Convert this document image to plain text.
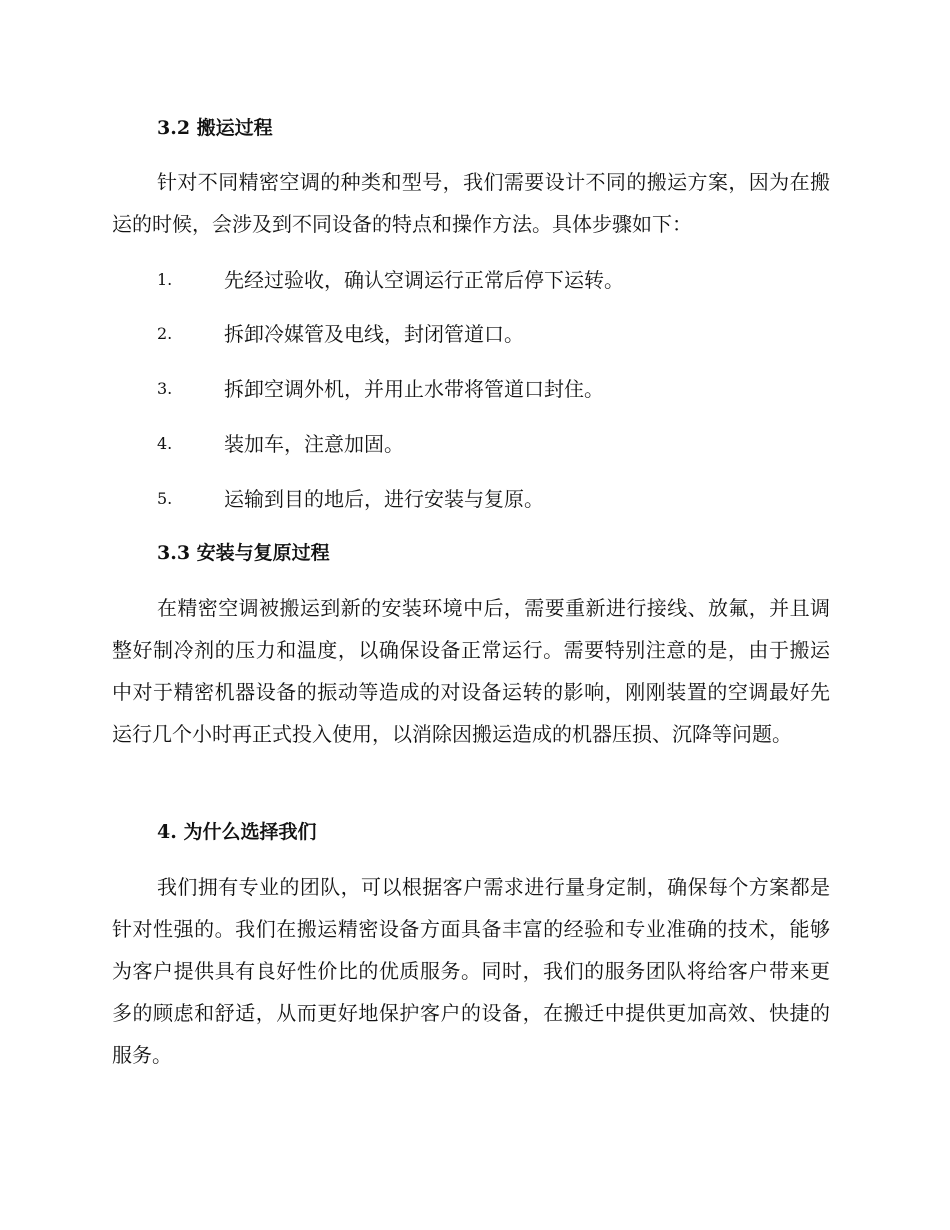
3.2 搬运过程

针对不同精密空调的种类和型号，我们需要设计不同的搬运方案，因为在搬运的时候，会涉及到不同设备的特点和操作方法。具体步骤如下：

1.	先经过验收，确认空调运行正常后停下运转。
2.	拆卸冷媒管及电线，封闭管道口。
3.	拆卸空调外机，并用止水带将管道口封住。
4.	装加车，注意加固。
5.	运输到目的地后，进行安装与复原。
3.3 安装与复原过程

在精密空调被搬运到新的安装环境中后，需要重新进行接线、放氟，并且调整好制冷剂的压力和温度，以确保设备正常运行。需要特别注意的是，由于搬运中对于精密机器设备的振动等造成的对设备运转的影响，刚刚装置的空调最好先运行几个小时再正式投入使用，以消除因搬运造成的机器压损、沉降等问题。

4. 为什么选择我们

我们拥有专业的团队，可以根据客户需求进行量身定制，确保每个方案都是针对性强的。我们在搬运精密设备方面具备丰富的经验和专业准确的技术，能够为客户提供具有良好性价比的优质服务。同时，我们的服务团队将给客户带来更多的顾虑和舒适，从而更好地保护客户的设备，在搬迁中提供更加高效、快捷的服务。
